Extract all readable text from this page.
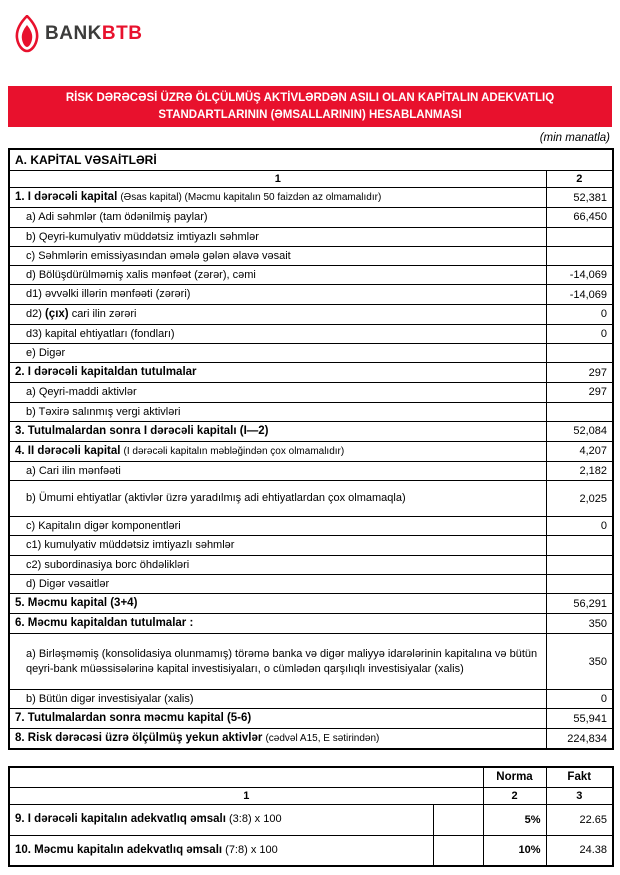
BANK BTB
RİSK DƏRƏCƏSİ ÜZRƏ ÖLÇÜLMÜŞ AKTİVLƏRDƏN ASILI OLAN KAPİTALIN ADEKVATLIQ STANDARTLARININ (ƏMSALLARININ) HESABLANMASI
(min manatla)
A. KAPİTAL VƏSAİTLƏRİ	
1	2
1. I dərəcəli kapital (Əsas kapital) (Məcmu kapitalın 50 faizdən az olmamalıdır)	52,381
a) Adi səhmlər (tam ödənilmiş paylar)	66,450
b) Qeyri-kumulyativ müddətsiz imtiyazlı səhmlər	
c) Səhmlərin emissiyasından əmələ gələn əlavə vəsait	
d) Bölüşdürülməmiş xalis mənfəət (zərər), cəmi	-14,069
d1) əvvəlki illərin mənfəəti (zərəri)	-14,069
d2) (çıx) cari ilin zərəri	0
d3) kapital ehtiyatları (fondları)	0
e) Digər	
2. I dərəcəli kapitaldan tutulmalar	297
a) Qeyri-maddi aktivlər	297
b) Təxirə salınmış vergi aktivləri	
3. Tutulmalardan sonra I dərəcəli kapitalı (I—2)	52,084
4. II dərəcəli kapital (I dərəcəli kapitalın məbləğindən çox olmamalıdır)	4,207
a) Cari ilin mənfəəti	2,182
b) Ümumi ehtiyatlar (aktivlər üzrə yaradılmış adi ehtiyatlardan çox olmamaqla)	2,025
c) Kapitalın digər komponentləri	0
c1) kumulyativ müddətsiz imtiyazlı səhmlər	
c2) subordinasiya borc öhdəlikləri	
d) Digər vəsaitlər	
5. Məcmu kapital (3+4)	56,291
6. Məcmu kapitaldan tutulmalar :	350
a) Birləşməmiş (konsolidasiya olunmamış) törəmə banka və digər maliyyə idarələrinin kapitalına və bütün qeyri-bank müəssisələrinə kapital investisiyaları, o cümlədən qarşılıqlı investisiyalar (xalis)	350
b) Bütün digər investisiyalar (xalis)	0
7. Tutulmalardan sonra məcmu kapital (5-6)	55,941
8. Risk dərəcəsi üzrə ölçülmüş yekun aktivlər (cədvəl A15, E sətirindən)	224,834
		Norma	Fakt
1		2	3
9. I dərəcəli kapitalın adekvatlıq əmsalı (3:8) x 100		5%	22.65
10. Məcmu kapitalın adekvatlıq əmsalı (7:8) x 100		10%	24.38
